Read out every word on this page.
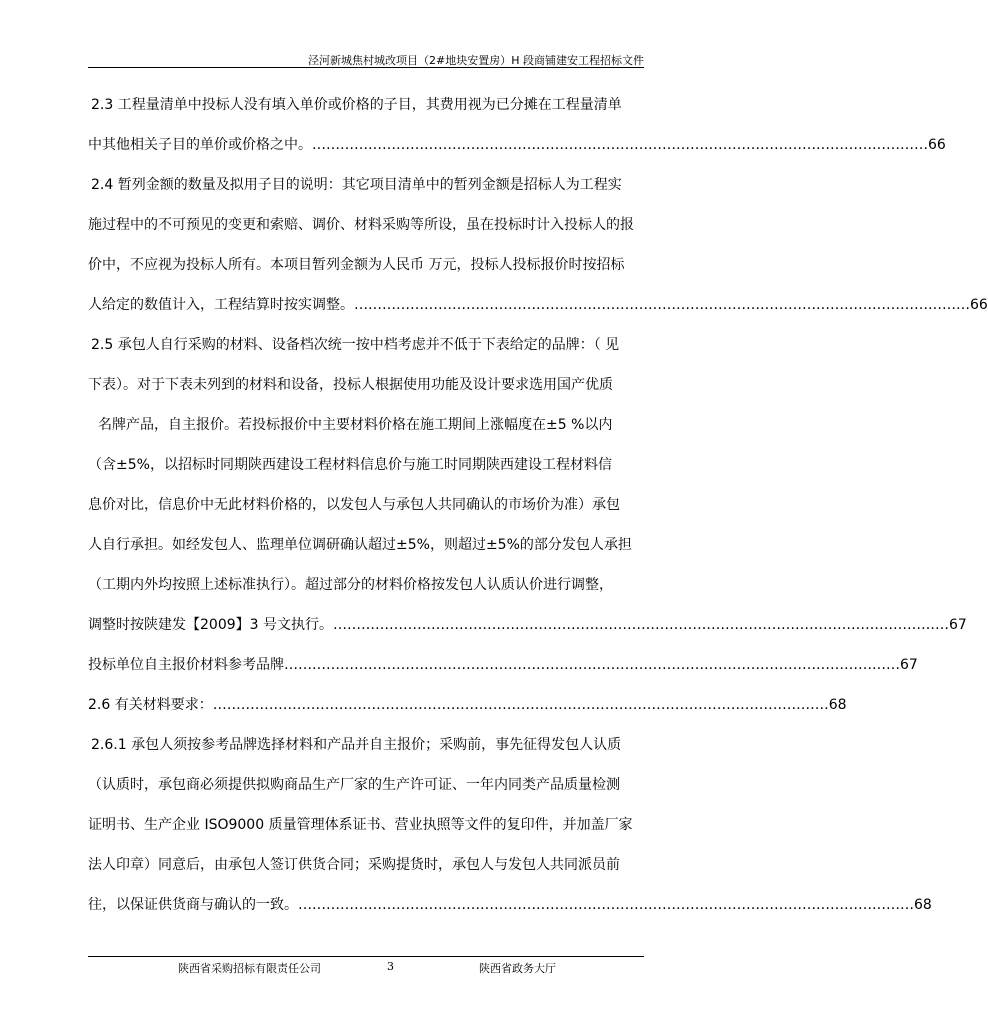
泾河新城焦村城改项目（2#地块安置房）H 段商铺建安工程招标文件
2.3 工程量清单中投标人没有填入单价或价格的子目，其费用视为已分摊在工程量清单
中其他相关子目的单价或价格之中。 …………………………………………………………………………………………………………………… 66
2.4 暂列金额的数量及拟用子目的说明：其它项目清单中的暂列金额是招标人为工程实
施过程中的不可预见的变更和索赔、调价、材料采购等所设，虽在投标时计入投标人的报
价中，不应视为投标人所有。本项目暂列金额为人民币 万元，投标人投标报价时按招标
人给定的数值计入，工程结算时按实调整。 …………………………………………………………………………………………………………………… 66
2.5 承包人自行采购的材料、设备档次统一按中档考虑并不低于下表给定的品牌：（ 见
下表）。对于下表未列到的材料和设备，投标人根据使用功能及设计要求选用国产优质
名牌产品，自主报价。若投标报价中主要材料价格在施工期间上涨幅度在±5 %以内
（含±5%，以招标时同期陕西建设工程材料信息价与施工时同期陕西建设工程材料信
息价对比，信息价中无此材料价格的，以发包人与承包人共同确认的市场价为准）承包
人自行承担。如经发包人、监理单位调研确认超过±5%，则超过±5%的部分发包人承担
（工期内外均按照上述标准执行）。超过部分的材料价格按发包人认质认价进行调整，
调整时按陕建发【2009】3 号文执行。 …………………………………………………………………………………………………………………… 67
投标单位自主报价材料参考品牌 …………………………………………………………………………………………………………………… 67
2.6 有关材料要求： …………………………………………………………………………………………………………………… 68
2.6.1 承包人须按参考品牌选择材料和产品并自主报价；采购前，事先征得发包人认质
（认质时，承包商必须提供拟购商品生产厂家的生产许可证、一年内同类产品质量检测
证明书、生产企业 ISO9000 质量管理体系证书、营业执照等文件的复印件，并加盖厂家
法人印章）同意后，由承包人签订供货合同；采购提货时，承包人与发包人共同派员前
往，以保证供货商与确认的一致。 …………………………………………………………………………………………………………………… 68
陕西省采购招标有限责任公司	3	陕西省政务大厅
